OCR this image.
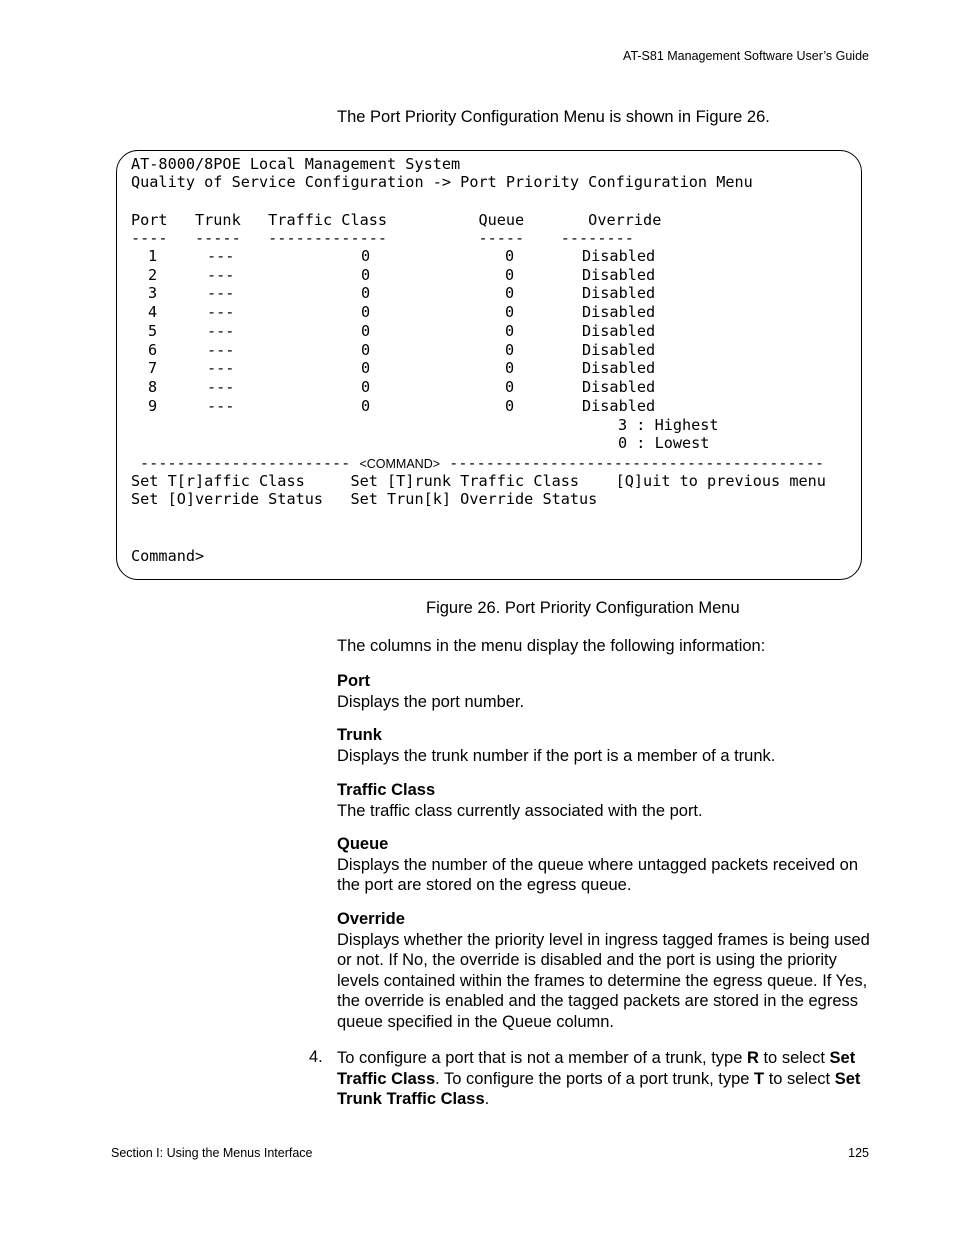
AT-S81 Management Software User’s Guide
The Port Priority Configuration Menu is shown in Figure 26.
AT-8000/8POE Local Management System
Quality of Service Configuration -> Port Priority Configuration Menu
Port   Trunk   Traffic Class          Queue       Override
----   -----   -------------          -----    --------
1	---	0	0	Disabled
2	---	0	0	Disabled
3	---	0	0	Disabled
4	---	0	0	Disabled
5	---	0	0	Disabled
6	---	0	0	Disabled
7	---	0	0	Disabled
8	---	0	0	Disabled
9	---	0	0	Disabled
3 : Highest
0 : Lowest
----------------------- <COMMAND> -----------------------------------------
Set T[r]affic Class     Set [T]runk Traffic Class    [Q]uit to previous menu
Set [O]verride Status   Set Trun[k] Override Status
Command>
Figure 26. Port Priority Configuration Menu
The columns in the menu display the following information:
Port
Displays the port number.
Trunk
Displays the trunk number if the port is a member of a trunk.
Traffic Class
The traffic class currently associated with the port.
Queue
Displays the number of the queue where untagged packets received on the port are stored on the egress queue.
Override
Displays whether the priority level in ingress tagged frames is being used or not. If No, the override is disabled and the port is using the priority levels contained within the frames to determine the egress queue. If Yes, the override is enabled and the tagged packets are stored in the egress queue specified in the Queue column.
4. To configure a port that is not a member of a trunk, type R to select Set Traffic Class. To configure the ports of a port trunk, type T to select Set Trunk Traffic Class.
Section I: Using the Menus Interface	125
